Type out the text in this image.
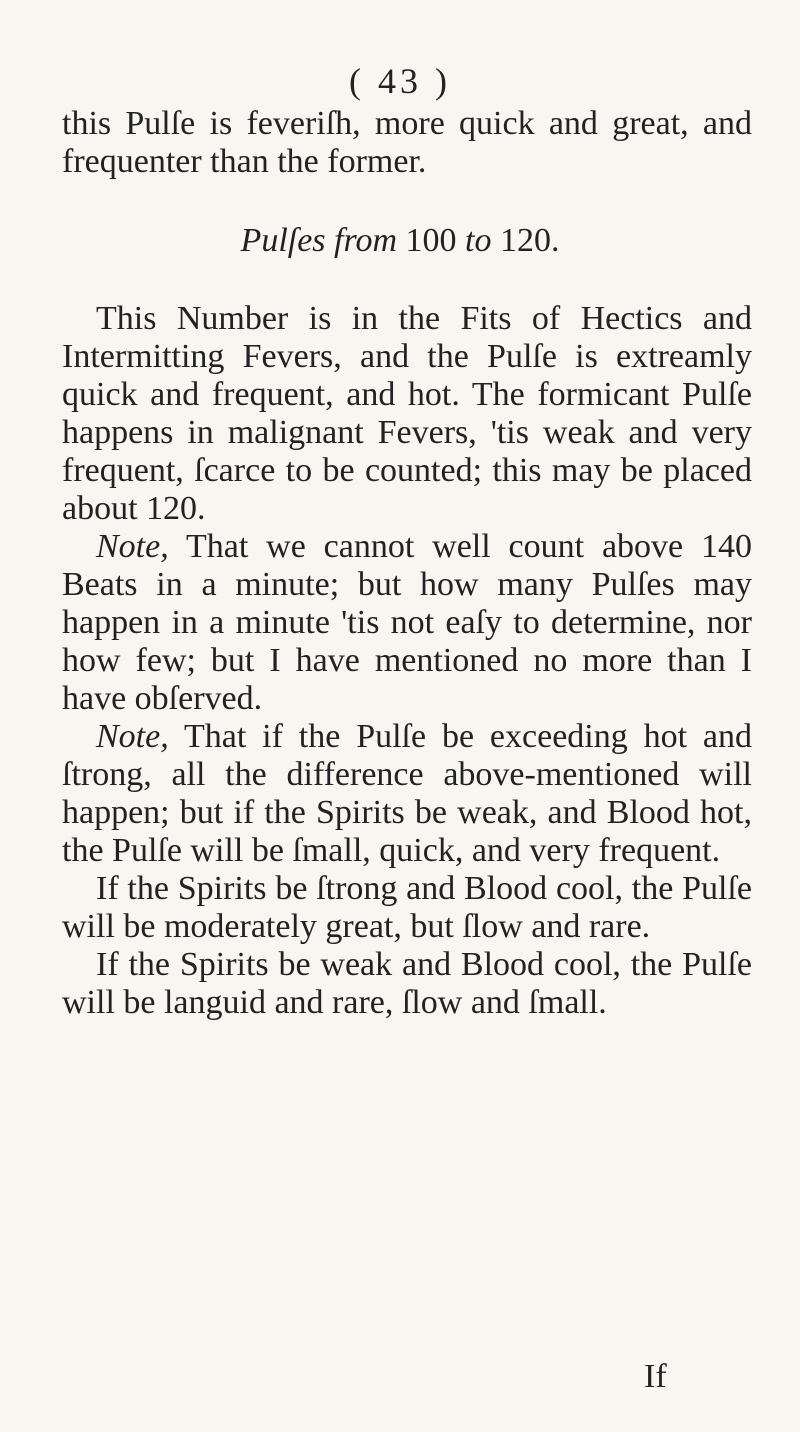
( 43 )

this Pulſe is feveriſh, more quick and great, and frequenter than the former.

Pulſes from 100 to 120.

This Number is in the Fits of Hectics and Intermitting Fevers, and the Pulſe is extreamly quick and frequent, and hot. The formicant Pulſe happens in malignant Fevers, 'tis weak and very frequent, ſcarce to be counted; this may be placed about 120.

Note, That we cannot well count above 140 Beats in a minute; but how many Pulſes may happen in a minute 'tis not eaſy to determine, nor how few; but I have mentioned no more than I have obſerved.

Note, That if the Pulſe be exceeding hot and ſtrong, all the difference above-mentioned will happen; but if the Spirits be weak, and Blood hot, the Pulſe will be ſmall, quick, and very frequent.

If the Spirits be ſtrong and Blood cool, the Pulſe will be moderately great, but ſlow and rare.

If the Spirits be weak and Blood cool, the Pulſe will be languid and rare, ſlow and ſmall.

If
